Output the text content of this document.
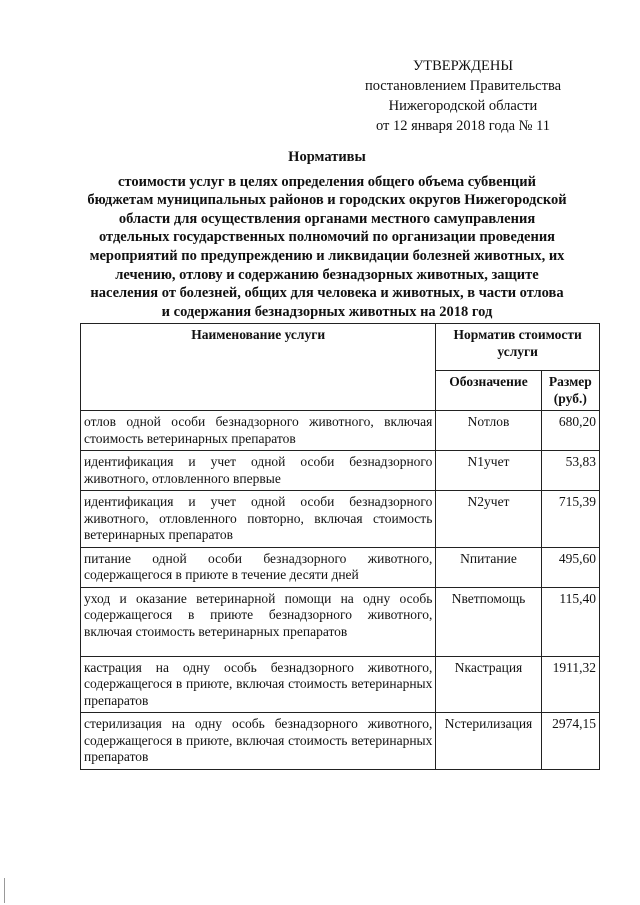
УТВЕРЖДЕНЫ
постановлением Правительства
Нижегородской области
от 12 января 2018 года № 11
Нормативы
стоимости услуг в целях определения общего объема субвенций
бюджетам муниципальных районов и городских округов Нижегородской
области для осуществления органами местного самуправления
отдельных государственных полномочий по организации проведения
мероприятий по предупреждению и ликвидации болезней животных, их
лечению, отлову и содержанию безнадзорных животных, защите
населения от болезней, общих для человека и животных, в части отлова
и содержания безнадзорных животных на 2018 год
Наименование услуги	Норматив стоимости услуги	
	Обозначение	Размер (руб.)
отлов одной особи безнадзорного животного, включая стоимость ветеринарных препаратов	Nотлов	680,20
идентификация и учет одной особи безнадзорного животного, отловленного впервые	N1учет	53,83
идентификация и учет одной особи безнадзорного животного, отловленного повторно, включая стоимость ветеринарных препаратов	N2учет	715,39
питание одной особи безнадзорного животного, содержащегося в приюте в течение десяти дней	Nпитание	495,60
уход и оказание ветеринарной помощи на одну особь содержащегося в приюте безнадзорного животного, включая стоимость ветеринарных препаратов	Nветпомощь	115,40
кастрация на одну особь безнадзорного животного, содержащегося в приюте, включая стоимость ветеринарных препаратов	Nкастрация	1911,32
стерилизация на одну особь безнадзорного животного, содержащегося в приюте, включая стоимость ветеринарных препаратов	Nстерилизация	2974,15
